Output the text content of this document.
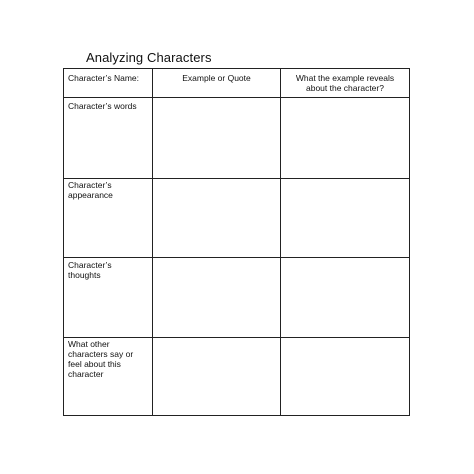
Analyzing Characters
Character’s Name:	Example or Quote	What the example reveals
about the character?
Character’s words
Character’s
appearance
Character’s
thoughts
What other
characters say or
feel about this
character
